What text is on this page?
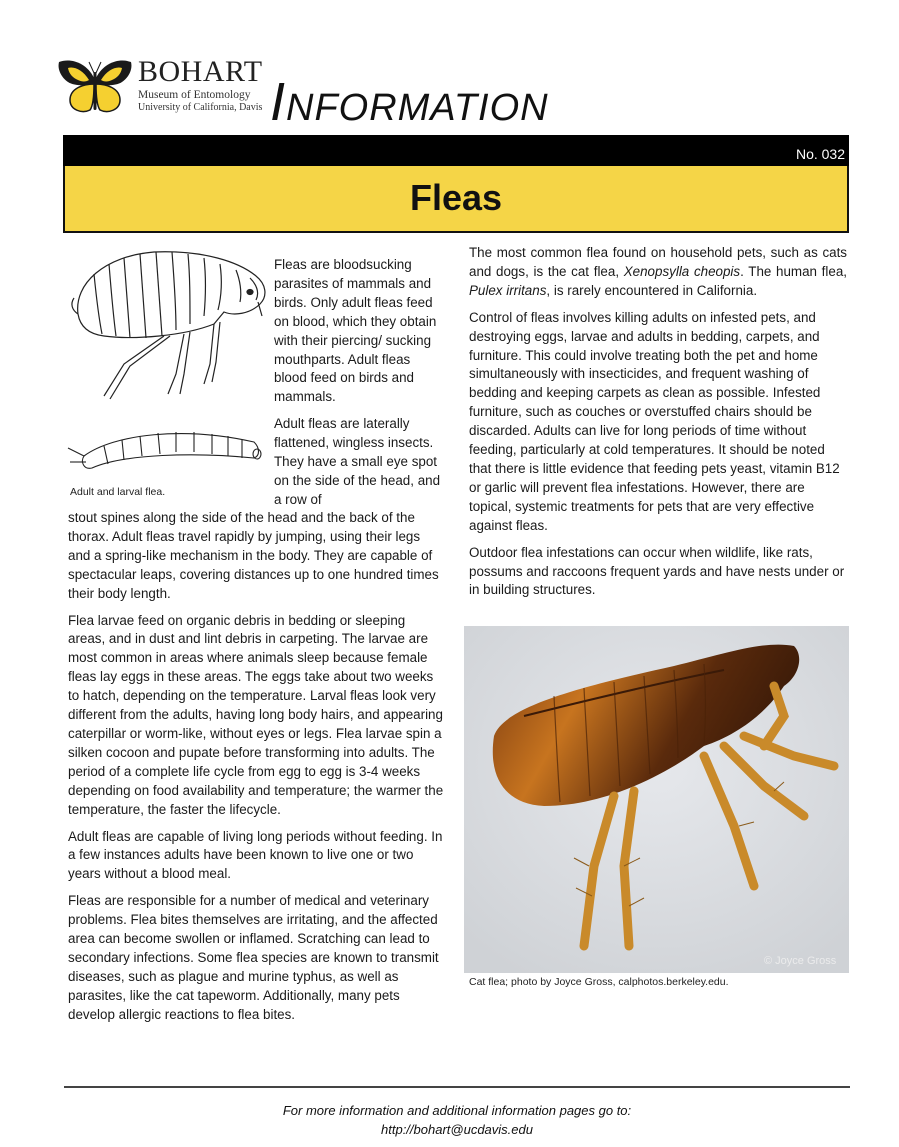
BOHART
Museum of Entomology
University of California, Davis Information
No. 032
Fleas
Adult and larval flea.

Fleas are bloodsucking parasites of mammals and birds. Only adult fleas feed on blood, which they obtain with their piercing/ sucking mouthparts. Adult fleas blood feed on birds and mammals.

Adult fleas are laterally flattened, wingless insects. They have a small eye spot on the side of the head, and a row of

stout spines along the side of the head and the back of the thorax. Adult fleas travel rapidly by jumping, using their legs and a spring-like mechanism in the body. They are capable of spectacular leaps, covering distances up to one hundred times their body length.

Flea larvae feed on organic debris in bedding or sleeping areas, and in dust and lint debris in carpeting. The larvae are most common in areas where animals sleep because female fleas lay eggs in these areas. The eggs take about two weeks to hatch, depending on the temperature. Larval fleas look very different from the adults, having long body hairs, and appearing caterpillar or worm-like, without eyes or legs. Flea larvae spin a silken cocoon and pupate before transforming into adults. The period of a complete life cycle from egg to egg is 3-4 weeks depending on food availability and temperature; the warmer the temperature, the faster the lifecycle.

Adult fleas are capable of living long periods without feeding. In a few instances adults have been known to live one or two years without a blood meal.

Fleas are responsible for a number of medical and veterinary problems. Flea bites themselves are irritating, and the affected area can become swollen or inflamed. Scratching can lead to secondary infections. Some flea species are known to transmit diseases, such as plague and murine typhus, as well as parasites, like the cat tapeworm. Additionally, many pets develop allergic reactions to flea bites.

The most common flea found on household pets, such as cats and dogs, is the cat flea, Xenopsylla cheopis. The human flea, Pulex irritans, is rarely encountered in California.

Control of fleas involves killing adults on infested pets, and destroying eggs, larvae and adults in bedding, carpets, and furniture. This could involve treating both the pet and home simultaneously with insecticides, and frequent washing of bedding and keeping carpets as clean as possible. Infested furniture, such as couches or overstuffed chairs should be discarded. Adults can live for long periods of time without feeding, particularly at cold temperatures. It should be noted that there is little evidence that feeding pets yeast, vitamin B12 or garlic will prevent flea infestations. However, there are topical, systemic treatments for pets that are very effective against fleas.

Outdoor flea infestations can occur when wildlife, like rats, possums and raccoons frequent yards and have nests under or in building structures.

© Joyce Gross
Cat flea; photo by Joyce Gross, calphotos.berkeley.edu.
For more information and additional information pages go to:
http://bohart@ucdavis.edu
